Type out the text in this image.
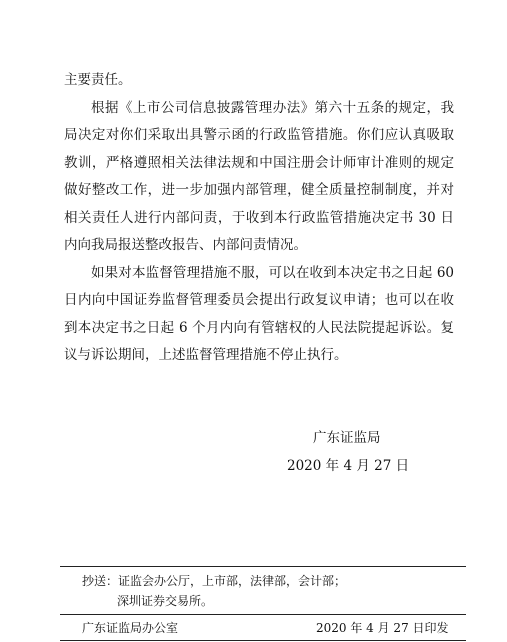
主要责任。

根据《上市公司信息披露管理办法》第六十五条的规定，我局决定对你们采取出具警示函的行政监管措施。你们应认真吸取教训，严格遵照相关法律法规和中国注册会计师审计准则的规定做好整改工作，进一步加强内部管理，健全质量控制制度，并对相关责任人进行内部问责，于收到本行政监管措施决定书 30 日内向我局报送整改报告、内部问责情况。

如果对本监督管理措施不服，可以在收到本决定书之日起 60 日内向中国证券监督管理委员会提出行政复议申请；也可以在收到本决定书之日起 6 个月内向有管辖权的人民法院提起诉讼。复议与诉讼期间，上述监督管理措施不停止执行。

广东证监局
2020 年 4 月 27 日
抄送：证监会办公厅，上市部，法律部，会计部；
深圳证券交易所。
广东证监局办公室	2020 年 4 月 27 日印发
